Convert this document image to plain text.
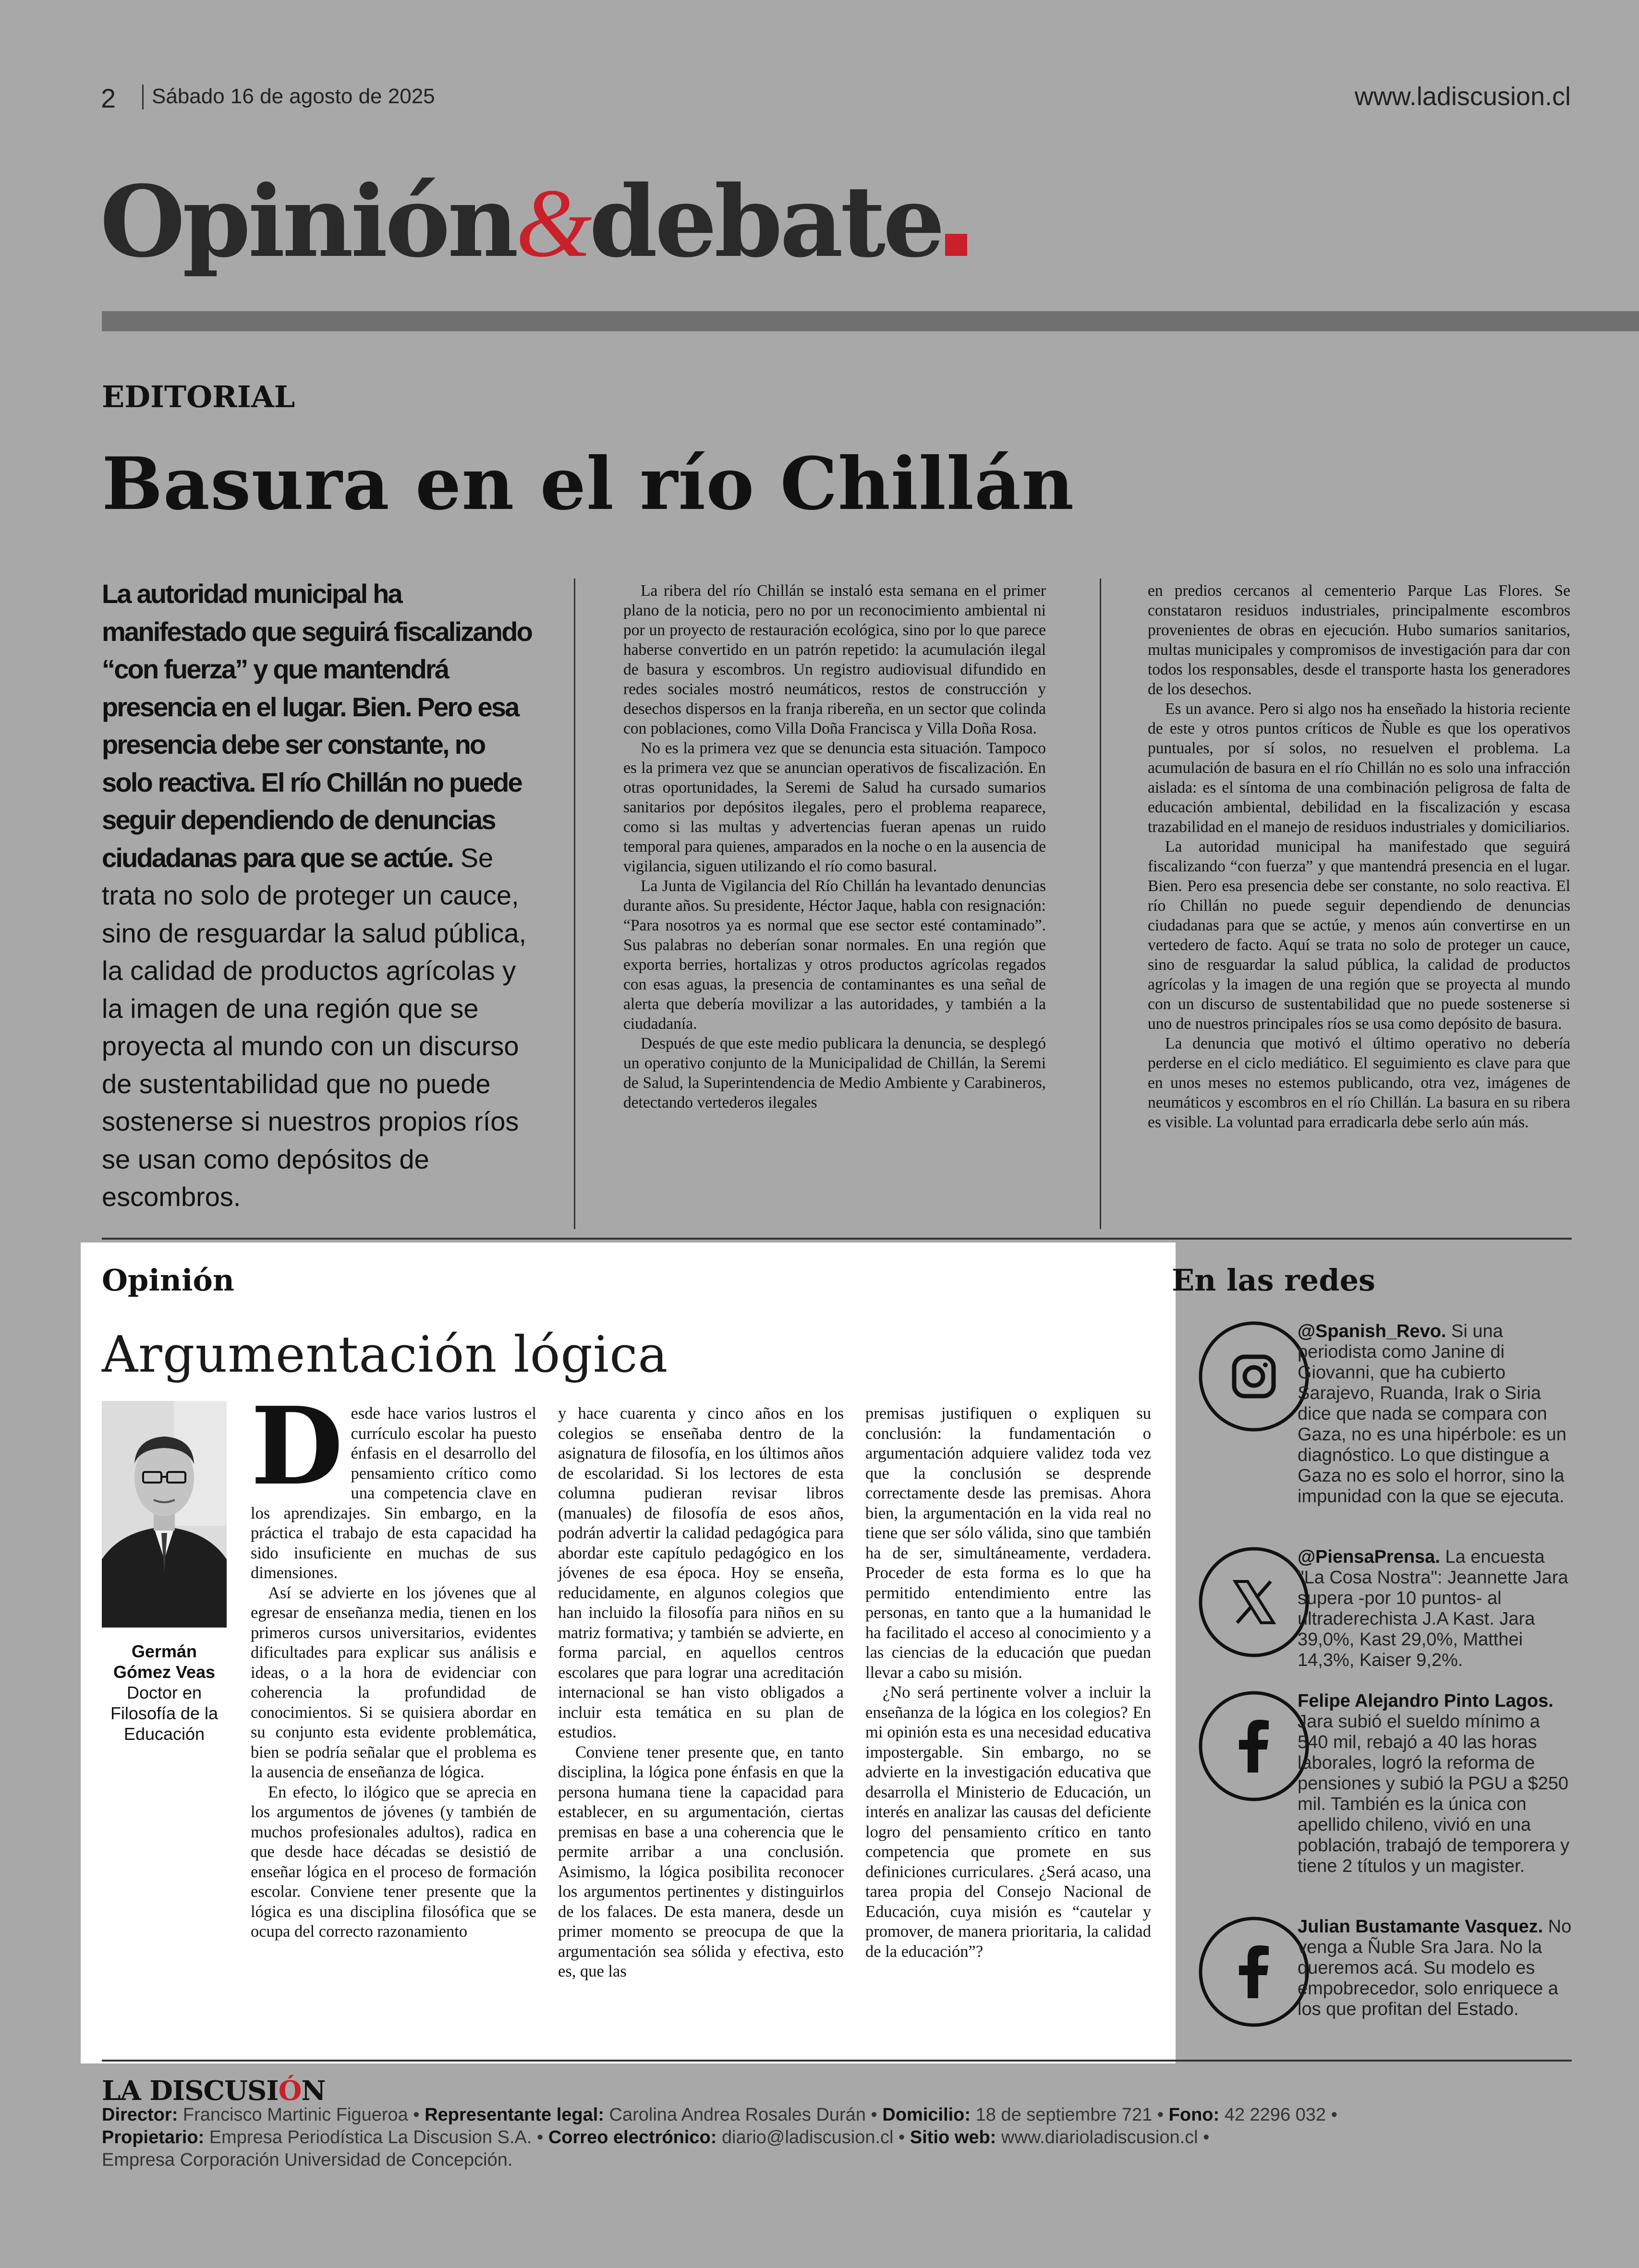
2 Sábado 16 de agosto de 2025	www.ladiscusion.cl
Opinión&debate
EDITORIAL
Basura en el río Chillán
La autoridad municipal ha manifestado que seguirá fiscalizando “con fuerza” y que mantendrá presencia en el lugar. Bien. Pero esa presencia debe ser constante, no solo reactiva. El río Chillán no puede seguir dependiendo de denuncias ciudadanas para que se actúe. Se trata no solo de proteger un cauce, sino de resguardar la salud pública, la calidad de productos agrícolas y la imagen de una región que se proyecta al mundo con un discurso de sustentabilidad que no puede sostenerse si nuestros propios ríos se usan como depósitos de escombros.

La ribera del río Chillán se instaló esta semana en el primer plano de la noticia, pero no por un reconocimiento ambiental ni por un proyecto de restauración ecológica, sino por lo que parece haberse convertido en un patrón repetido: la acumulación ilegal de basura y escombros. Un registro audiovisual difundido en redes sociales mostró neumáticos, restos de construcción y desechos dispersos en la franja ribereña, en un sector que colinda con poblaciones, como Villa Doña Francisca y Villa Doña Rosa.

No es la primera vez que se denuncia esta situación. Tampoco es la primera vez que se anuncian operativos de fiscalización. En otras oportunidades, la Seremi de Salud ha cursado sumarios sanitarios por depósitos ilegales, pero el problema reaparece, como si las multas y advertencias fueran apenas un ruido temporal para quienes, amparados en la noche o en la ausencia de vigilancia, siguen utilizando el río como basural.

La Junta de Vigilancia del Río Chillán ha levantado denuncias durante años. Su presidente, Héctor Jaque, habla con resignación: “Para nosotros ya es normal que ese sector esté contaminado”. Sus palabras no deberían sonar normales. En una región que exporta berries, hortalizas y otros productos agrícolas regados con esas aguas, la presencia de contaminantes es una señal de alerta que debería movilizar a las autoridades, y también a la ciudadanía.

Después de que este medio publicara la denuncia, se desplegó un operativo conjunto de la Municipalidad de Chillán, la Seremi de Salud, la Superintendencia de Medio Ambiente y Carabineros, detectando vertederos ilegales

en predios cercanos al cementerio Parque Las Flores. Se constataron residuos industriales, principalmente escombros provenientes de obras en ejecución. Hubo sumarios sanitarios, multas municipales y compromisos de investigación para dar con todos los responsables, desde el transporte hasta los generadores de los desechos.

Es un avance. Pero si algo nos ha enseñado la historia reciente de este y otros puntos críticos de Ñuble es que los operativos puntuales, por sí solos, no resuelven el problema. La acumulación de basura en el río Chillán no es solo una infracción aislada: es el síntoma de una combinación peligrosa de falta de educación ambiental, debilidad en la fiscalización y escasa trazabilidad en el manejo de residuos industriales y domiciliarios.

La autoridad municipal ha manifestado que seguirá fiscalizando “con fuerza” y que mantendrá presencia en el lugar. Bien. Pero esa presencia debe ser constante, no solo reactiva. El río Chillán no puede seguir dependiendo de denuncias ciudadanas para que se actúe, y menos aún convertirse en un vertedero de facto. Aquí se trata no solo de proteger un cauce, sino de resguardar la salud pública, la calidad de productos agrícolas y la imagen de una región que se proyecta al mundo con un discurso de sustentabilidad que no puede sostenerse si uno de nuestros principales ríos se usa como depósito de basura.

La denuncia que motivó el último operativo no debería perderse en el ciclo mediático. El seguimiento es clave para que en unos meses no estemos publicando, otra vez, imágenes de neumáticos y escombros en el río Chillán. La basura en su ribera es visible. La voluntad para erradicarla debe serlo aún más.

Opinión
Argumentación lógica
Germán Gómez Veas
Doctor en Filosofía de la Educación

Desde hace varios lustros el currículo escolar ha puesto énfasis en el desarrollo del pensamiento crítico como una competencia clave en los aprendizajes. Sin embargo, en la práctica el trabajo de esta capacidad ha sido insuficiente en muchas de sus dimensiones.

Así se advierte en los jóvenes que al egresar de enseñanza media, tienen en los primeros cursos universitarios, evidentes dificultades para explicar sus análisis e ideas, o a la hora de evidenciar con coherencia la profundidad de conocimientos. Si se quisiera abordar en su conjunto esta evidente problemática, bien se podría señalar que el problema es la ausencia de enseñanza de lógica.

En efecto, lo ilógico que se aprecia en los argumentos de jóvenes (y también de muchos profesionales adultos), radica en que desde hace décadas se desistió de enseñar lógica en el proceso de formación escolar. Conviene tener presente que la lógica es una disciplina filosófica que se ocupa del correcto razonamiento

y hace cuarenta y cinco años en los colegios se enseñaba dentro de la asignatura de filosofía, en los últimos años de escolaridad. Si los lectores de esta columna pudieran revisar libros (manuales) de filosofía de esos años, podrán advertir la calidad pedagógica para abordar este capítulo pedagógico en los jóvenes de esa época. Hoy se enseña, reducidamente, en algunos colegios que han incluido la filosofía para niños en su matriz formativa; y también se advierte, en forma parcial, en aquellos centros escolares que para lograr una acreditación internacional se han visto obligados a incluir esta temática en su plan de estudios.

Conviene tener presente que, en tanto disciplina, la lógica pone énfasis en que la persona humana tiene la capacidad para establecer, en su argumentación, ciertas premisas en base a una coherencia que le permite arribar a una conclusión. Asimismo, la lógica posibilita reconocer los argumentos pertinentes y distinguirlos de los falaces. De esta manera, desde un primer momento se preocupa de que la argumentación sea sólida y efectiva, esto es, que las

premisas justifiquen o expliquen su conclusión: la fundamentación o argumentación adquiere validez toda vez que la conclusión se desprende correctamente desde las premisas. Ahora bien, la argumentación en la vida real no tiene que ser sólo válida, sino que también ha de ser, simultáneamente, verdadera. Proceder de esta forma es lo que ha permitido entendimiento entre las personas, en tanto que a la humanidad le ha facilitado el acceso al conocimiento y a las ciencias de la educación que puedan llevar a cabo su misión.

¿No será pertinente volver a incluir la enseñanza de la lógica en los colegios? En mi opinión esta es una necesidad educativa impostergable. Sin embargo, no se advierte en la investigación educativa que desarrolla el Ministerio de Educación, un interés en analizar las causas del deficiente logro del pensamiento crítico en tanto competencia que promete en sus definiciones curriculares. ¿Será acaso, una tarea propia del Consejo Nacional de Educación, cuya misión es “cautelar y promover, de manera prioritaria, la calidad de la educación”?

En las redes
@Spanish_Revo. Si una periodista como Janine di Giovanni, que ha cubierto Sarajevo, Ruanda, Irak o Siria dice que nada se compara con Gaza, no es una hipérbole: es un diagnóstico. Lo que distingue a Gaza no es solo el horror, sino la impunidad con la que se ejecuta.
@PiensaPrensa. La encuesta "La Cosa Nostra": Jeannette Jara supera -por 10 puntos- al ultraderechista J.A Kast. Jara 39,0%, Kast 29,0%, Matthei 14,3%, Kaiser 9,2%.
Felipe Alejandro Pinto Lagos. Jara subió el sueldo mínimo a 540 mil, rebajó a 40 las horas laborales, logró la reforma de pensiones y subió la PGU a $250 mil. También es la única con apellido chileno, vivió en una población, trabajó de temporera y tiene 2 títulos y un magister.
Julian Bustamante Vasquez. No venga a Ñuble Sra Jara. No la queremos acá. Su modelo es empobrecedor, solo enriquece a los que profitan del Estado.
LA DISCUSIÓN
Director: Francisco Martinic Figueroa • Representante legal: Carolina Andrea Rosales Durán • Domicilio: 18 de septiembre 721 • Fono: 42 2296 032 •
Propietario: Empresa Periodística La Discusion S.A. • Correo electrónico: diario@ladiscusion.cl • Sitio web: www.diarioladiscusion.cl •
Empresa Corporación Universidad de Concepción.
